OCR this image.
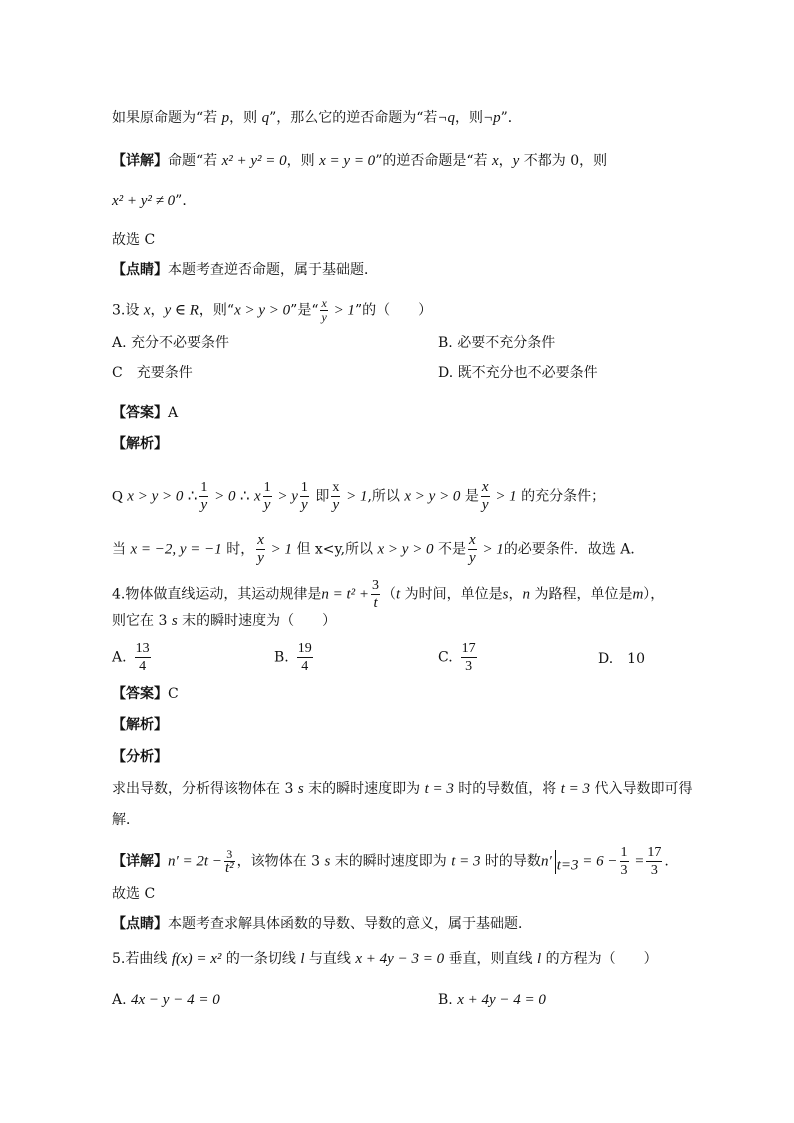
如果原命题为“若 p，则 q”，那么它的逆否命题为“若¬q，则¬p”．
【详解】命题“若 x² + y² = 0，则 x = y = 0”的逆否命题是“若 x，y 不都为 0，则
x² + y² ≠ 0”．
故选 C
【点睛】本题考查逆否命题，属于基础题．
3.设 x，y ∈ R，则“x > y > 0”是“ $\frac{x}{y} > 1$”的（　　）
A. 充分不必要条件	B. 必要不充分条件
C　充要条件	D. 既不充分也不必要条件
【答案】A
【解析】
Q x > y > 0 ∴ $\frac{1}{y} > 0$ ∴ x $\frac{1}{y} > y \frac{1}{y}$ 即 $\frac{x}{y} > 1$,所以 x > y > 0 是 $\frac{x}{y} > 1$ 的充分条件；
当 x = −2, y = −1 时， $\frac{x}{y} > 1$ 但 x<y,所以 x > y > 0 不是 $\frac{x}{y} > 1$的必要条件．故选 A．
4.物体做直线运动，其运动规律是$n = t^2 + \frac{3}{t} (t$ 为时间，单位是s，n 为路程，单位是m），
则它在 3 s 末的瞬时速度为（　　）
A. $\frac{13}{4}$	B. $\frac{19}{4}$	C. $\frac{17}{3}$	D.　10
【答案】C
【解析】
【分析】
求出导数，分析得该物体在 3 s 末的瞬时速度即为 t = 3 时的导数值，将 t = 3 代入导数即可得
解．
【详解】n′ = 2t − 3
t² ，该物体在 3 s 末的瞬时速度即为 t = 3 时的导数n′ $_{t=3} = 6 - \frac{1}{3} = \frac{17}{3}$ .
故选 C
【点睛】本题考查求解具体函数的导数、导数的意义，属于基础题．
5.若曲线 f(x) = x² 的一条切线 l 与直线 x + 4y − 3 = 0 垂直，则直线 l 的方程为（　　）
A. 4x − y − 4 = 0	B. x + 4y − 4 = 0
